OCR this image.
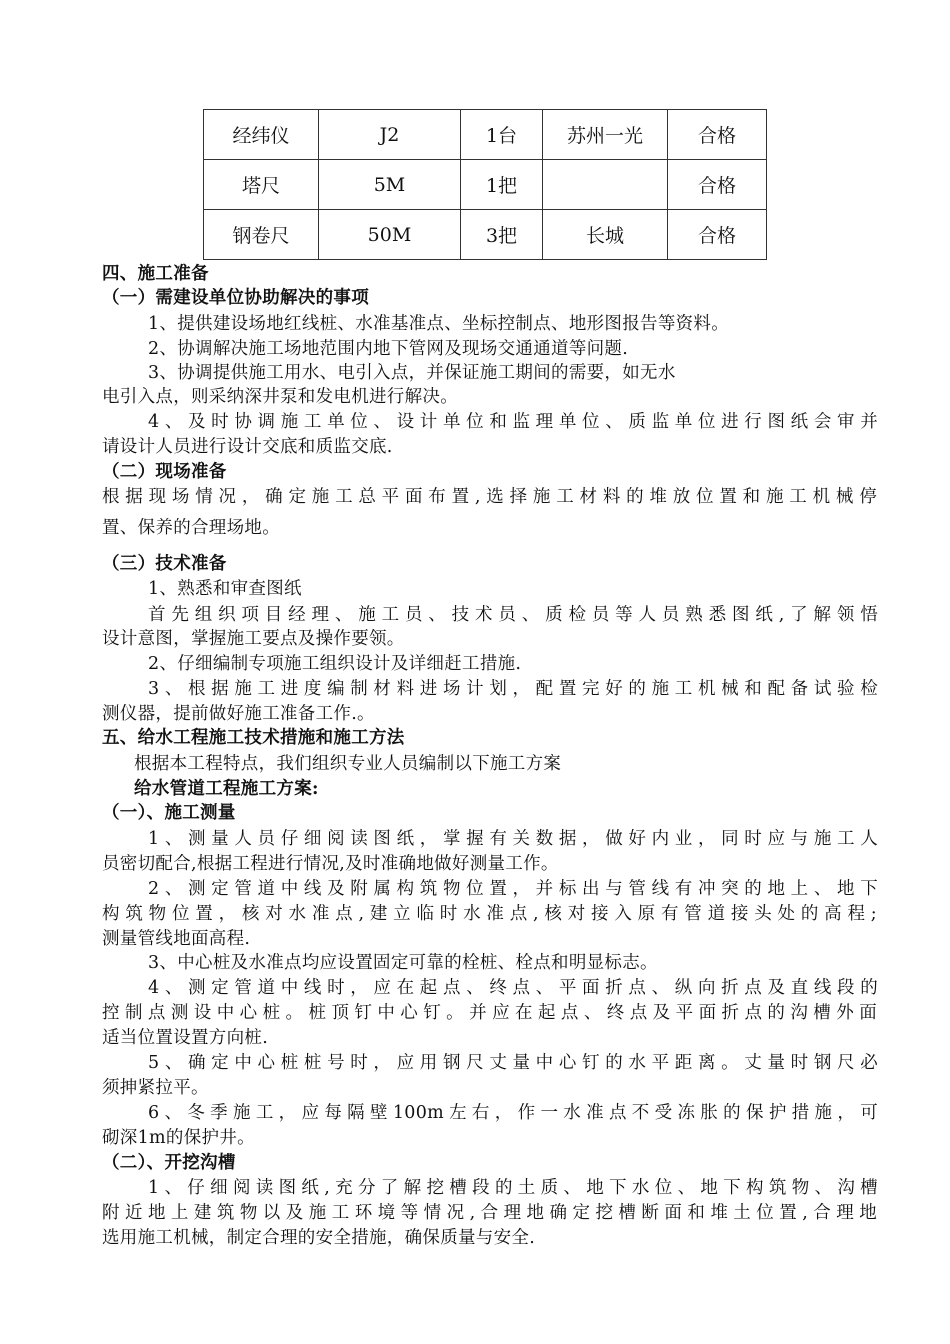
经纬仪	J2	1台	苏州一光	合格
塔尺	5M	1把		合格
钢卷尺	50M	3把	长城	合格
四、施工准备
（一）需建设单位协助解决的事项
1、提供建设场地红线桩、水准基准点、坐标控制点、地形图报告等资料。
2、协调解决施工场地范围内地下管网及现场交通通道等问题.
3、协调提供施工用水、电引入点，并保证施工期间的需要，如无水
电引入点，则采纳深井泵和发电机进行解决。
4、及时协调施工单位、设计单位和监理单位、质监单位进行图纸会审并
请设计人员进行设计交底和质监交底.
（二）现场准备
根据现场情况，确定施工总平面布置,选择施工材料的堆放位置和施工机械停
置、保养的合理场地。
（三）技术准备
1、熟悉和审查图纸
首先组织项目经理、施工员、技术员、质检员等人员熟悉图纸,了解领悟
设计意图，掌握施工要点及操作要领。
2、仔细编制专项施工组织设计及详细赶工措施.
3、根据施工进度编制材料进场计划，配置完好的施工机械和配备试验检
测仪器，提前做好施工准备工作.。
五、给水工程施工技术措施和施工方法
根据本工程特点，我们组织专业人员编制以下施工方案
给水管道工程施工方案:
（一）、施工测量
1、测量人员仔细阅读图纸，掌握有关数据，做好内业，同时应与施工人
员密切配合,根据工程进行情况,及时准确地做好测量工作。
2、测定管道中线及附属构筑物位置，并标出与管线有冲突的地上、地下
构筑物位置，核对水准点,建立临时水准点,核对接入原有管道接头处的高程;
测量管线地面高程.
3、中心桩及水准点均应设置固定可靠的栓桩、栓点和明显标志。
4、测定管道中线时，应在起点、终点、平面折点、纵向折点及直线段的
控制点测设中心桩。桩顶钉中心钉。并应在起点、终点及平面折点的沟槽外面
适当位置设置方向桩.
5、确定中心桩桩号时，应用钢尺丈量中心钉的水平距离。丈量时钢尺必
须抻紧拉平。
6、冬季施工，应每隔壁100m左右，作一水准点不受冻胀的保护措施，可
砌深1m的保护井。
（二）、开挖沟槽
1、仔细阅读图纸,充分了解挖槽段的土质、地下水位、地下构筑物、沟槽
附近地上建筑物以及施工环境等情况,合理地确定挖槽断面和堆土位置,合理地
选用施工机械，制定合理的安全措施，确保质量与安全.
